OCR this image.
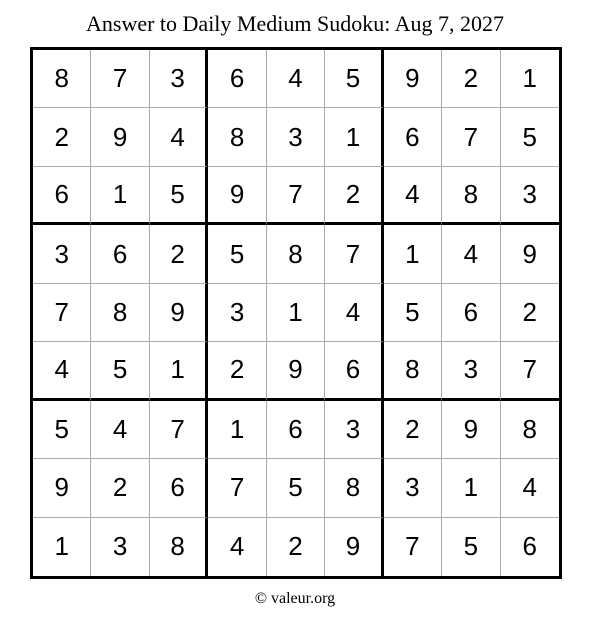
Answer to Daily Medium Sudoku: Aug 7, 2027
8	7	3	6	4	5	9	2	1
2	9	4	8	3	1	6	7	5
6	1	5	9	7	2	4	8	3
3	6	2	5	8	7	1	4	9
7	8	9	3	1	4	5	6	2
4	5	1	2	9	6	8	3	7
5	4	7	1	6	3	2	9	8
9	2	6	7	5	8	3	1	4
1	3	8	4	2	9	7	5	6
© valeur.org
